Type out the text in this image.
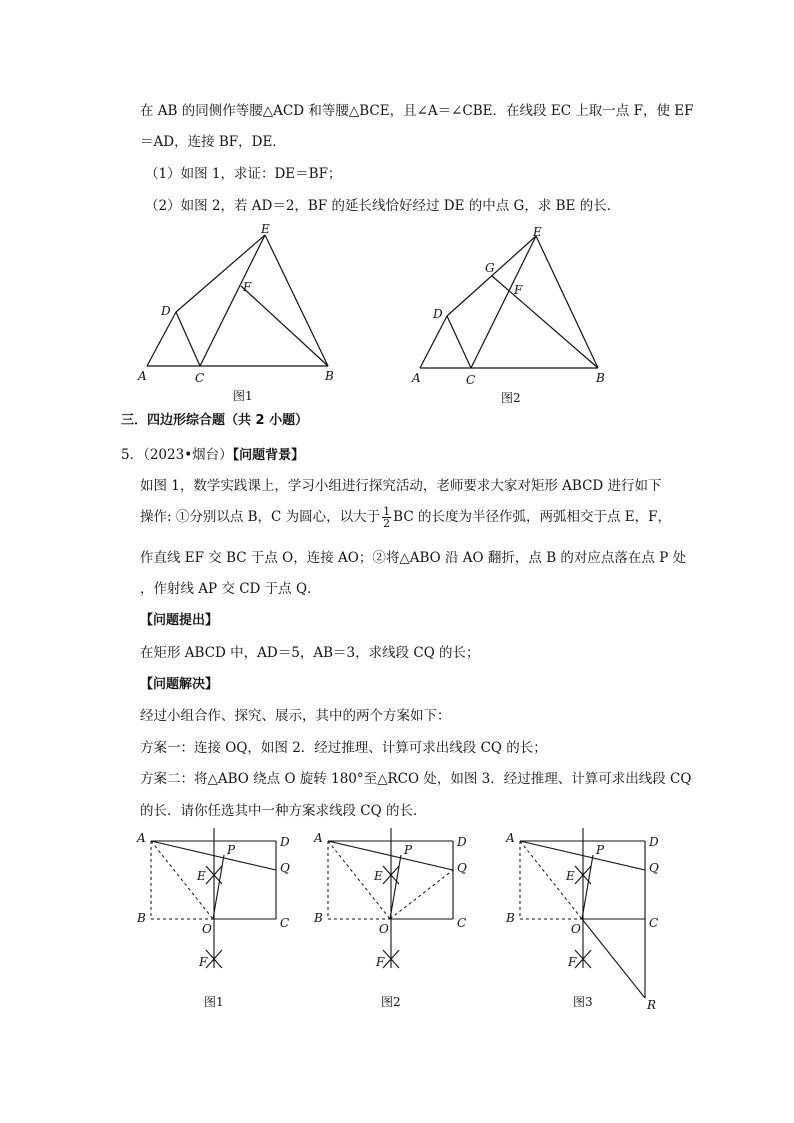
在 AB 的同侧作等腰△ACD 和等腰△BCE，且∠A＝∠CBE．在线段 EC 上取一点 F，使 EF
＝AD，连接 BF，DE．
（1）如图 1，求证：DE＝BF；
（2）如图 2，若 AD＝2，BF 的延长线恰好经过 DE 的中点 G，求 BE 的长．
A	C	B
D
E
F
图1
A	C	B
D
E
F
G
图2
三．四边形综合题（共 2 小题）
5．（2023•烟台）【问题背景】
如图 1，数学实践课上，学习小组进行探究活动，老师要求大家对矩形 ABCD 进行如下
操作: ①分别以点 B，C 为圆心，以大于 $\frac{1}{2}$ BC 的长度为半径作弧，两弧相交于点 E，F，
作直线 EF 交 BC 于点 O，连接 AO；②将△ABO 沿 AO 翻折，点 B 的对应点落在点 P 处
，作射线 AP 交 CD 于点 Q．
【问题提出】
在矩形 ABCD 中，AD＝5，AB＝3，求线段 CQ 的长；
【问题解决】
经过小组合作、探究、展示，其中的两个方案如下：
方案一：连接 OQ，如图 2．经过推理、计算可求出线段 CQ 的长；
方案二：将△ABO 绕点 O 旋转 180°至△RCO 处，如图 3．经过推理、计算可求出线段 CQ
的长．请你任选其中一种方案求线段 CQ 的长．
A	D
Q
P
E
B
O	C
F
图1
A	D
Q
P
E
B
O	C
F
图2
A	D
Q
P
E
B
O	C
F
R
图3
